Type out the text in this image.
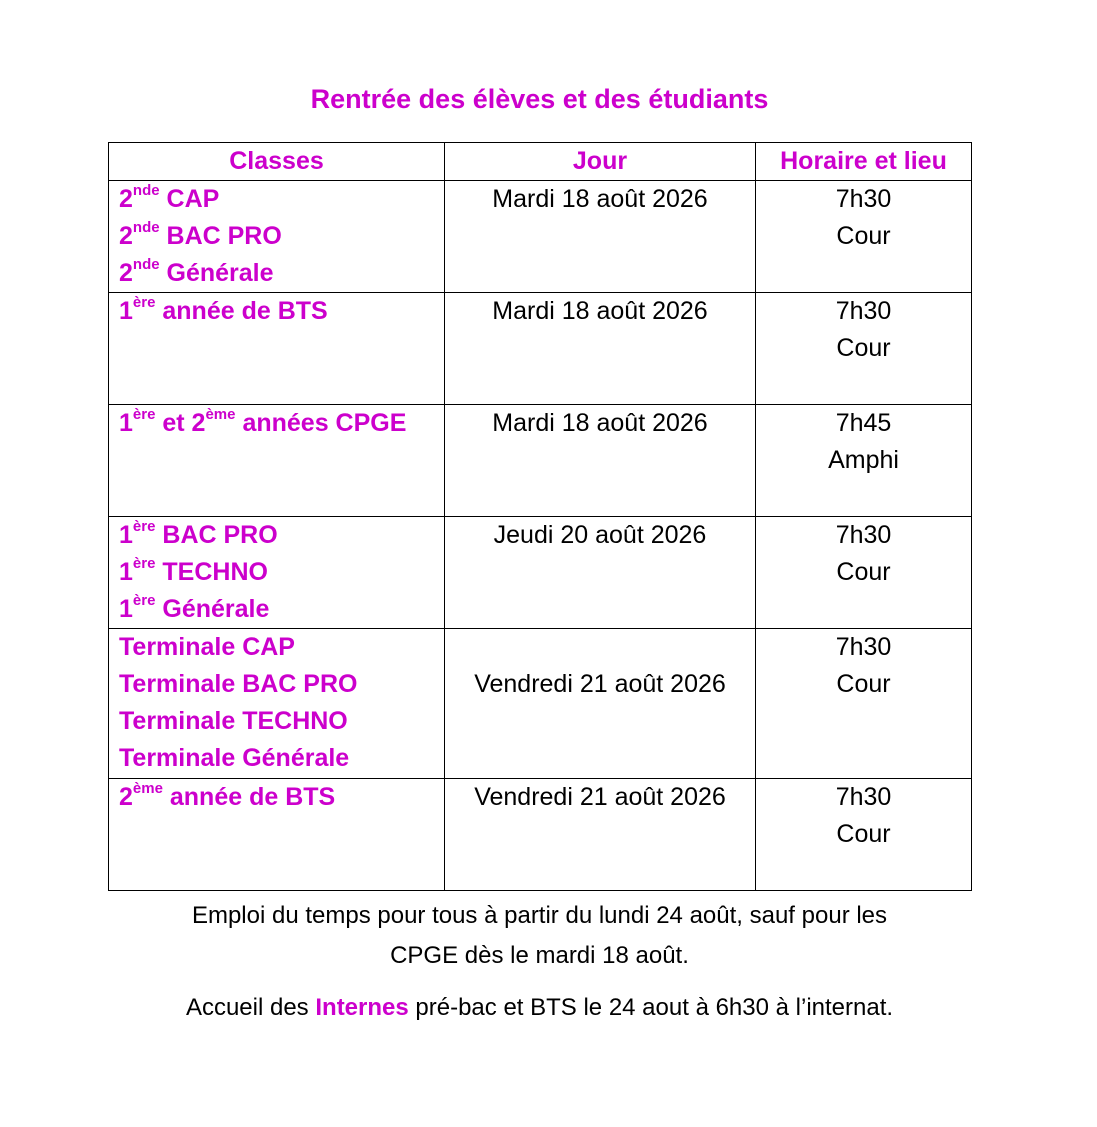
Rentrée des élèves et des étudiants
Classes	Jour	Horaire et lieu

2nde CAP
2nde BAC PRO
2nde Générale	Mardi 18 août 2026	7h30
Cour

1ère année de BTS	Mardi 18 août 2026	7h30
Cour

1ère et 2ème années CPGE	Mardi 18 août 2026	7h45
Amphi

1ère BAC PRO
1ère TECHNO
1ère Générale	Jeudi 20 août 2026	7h30
Cour

Terminale CAP
Terminale BAC PRO
Terminale TECHNO
Terminale Générale	Vendredi 21 août 2026	7h30
Cour

2ème année de BTS	Vendredi 21 août 2026	7h30
Cour
Emploi du temps pour tous à partir du lundi 24 août, sauf pour les
CPGE dès le mardi 18 août.
Accueil des Internes pré-bac et BTS le 24 aout à 6h30 à l’internat.
